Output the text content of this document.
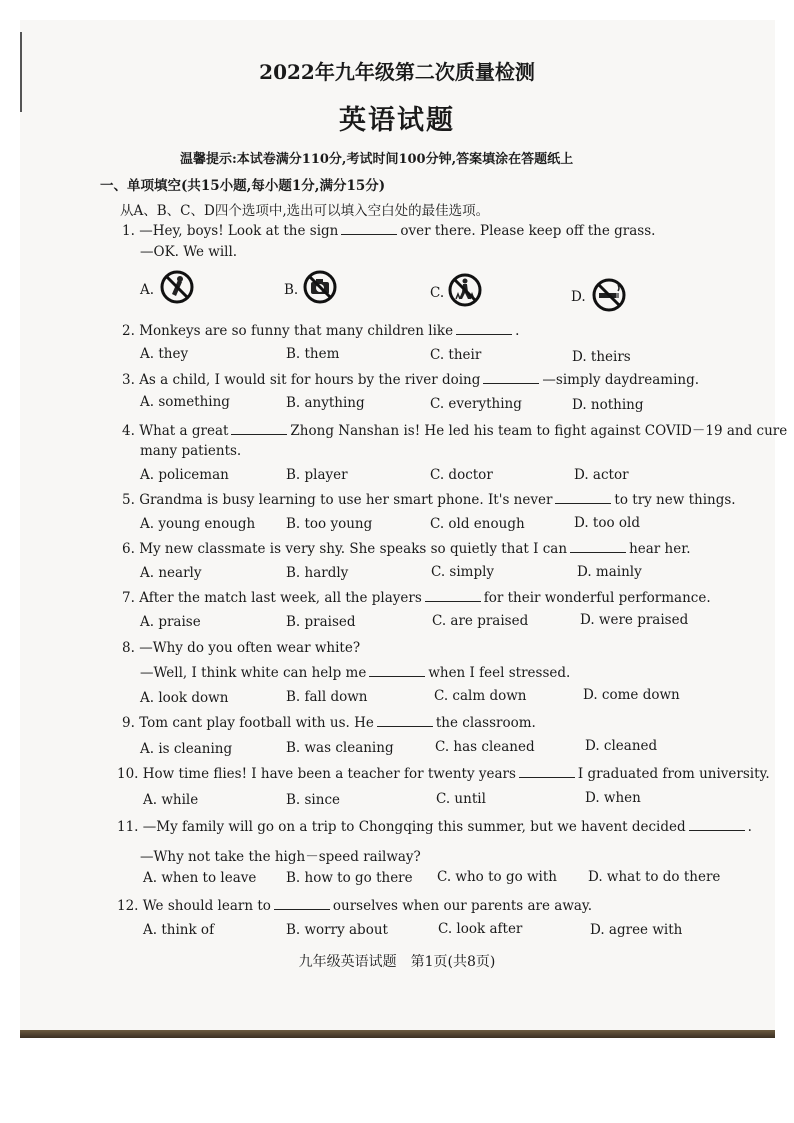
2022年九年级第二次质量检测
英语试题
温馨提示:本试卷满分110分,考试时间100分钟,答案填涂在答题纸上
一、单项填空(共15小题,每小题1分,满分15分)
从A、B、C、D四个选项中,选出可以填入空白处的最佳选项。
1. —Hey, boys! Look at the sign	over there. Please keep off the grass.
—OK. We will.
A.	B.	C.	D.
2. Monkeys are so funny that many children like	.
A. they	B. them	C. their	D. theirs
3. As a child, I would sit for hours by the river doing	—simply daydreaming.
A. something	B. anything	C. everything	D. nothing
4. What a great	Zhong Nanshan is! He led his team to fight against COVID－19 and cure
many patients.
A. policeman	B. player	C. doctor	D. actor
5. Grandma is busy learning to use her smart phone. It's never	to try new things.
A. young enough B. too young	C. old enough	D. too old
6. My new classmate is very shy. She speaks so quietly that I can	hear her.
A. nearly	B. hardly	C. simply	D. mainly
7. After the match last week, all the players	for their wonderful performance.
A. praise	B. praised	C. are praised	D. were praised
8. —Why do you often wear white?
—Well, I think white can help me	when I feel stressed.
A. look down	B. fall down	C. calm down	D. come down
9. Tom cant play football with us. He	the classroom.
A. is cleaning	B. was cleaning	C. has cleaned	D. cleaned
10. How time flies! I have been a teacher for twenty years	I graduated from university.
A. while	B. since	C. until	D. when
11. —My family will go on a trip to Chongqing this summer, but we havent decided	.
—Why not take the high－speed railway?
A. when to leave B. how to go there C. who to go with D. what to do there
12. We should learn to	ourselves when our parents are away.
A. think of	B. worry about	C. look after	D. agree with
九年级英语试题　第1页(共8页)
